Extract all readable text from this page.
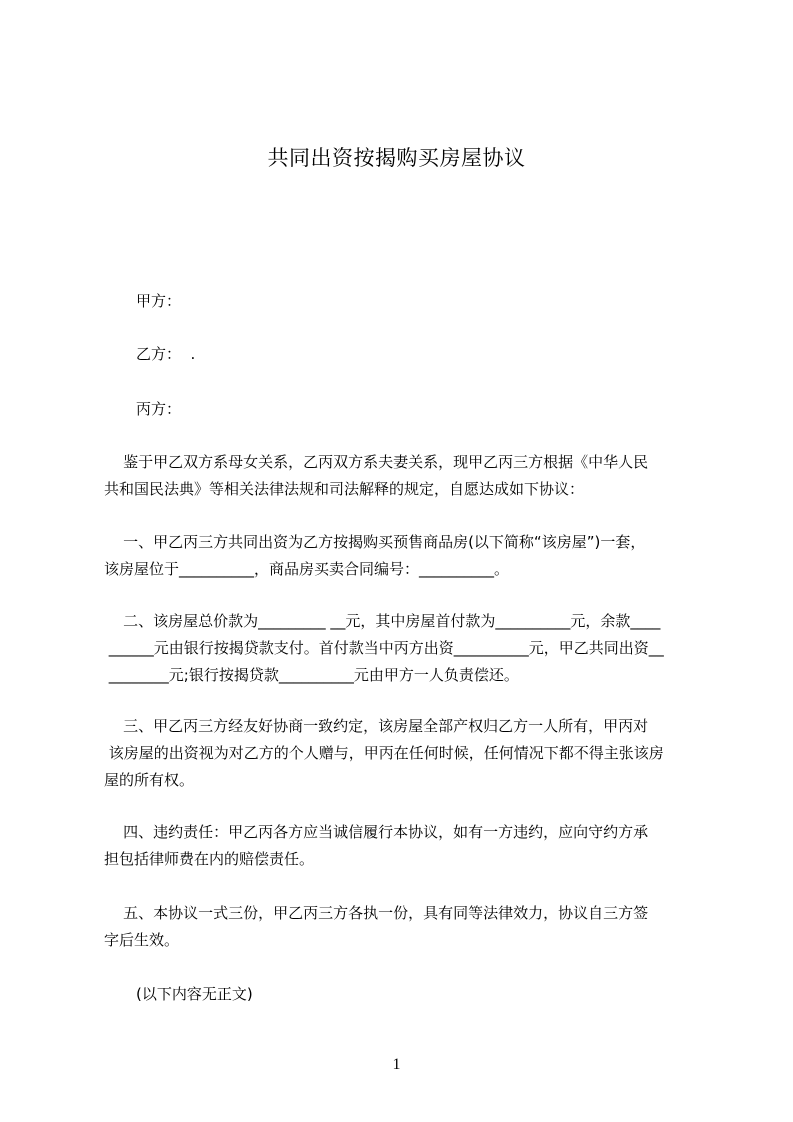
共同出资按揭购买房屋协议

甲方：

乙方：  .

丙方：

鉴于甲乙双方系母女关系，乙丙双方系夫妻关系，现甲乙丙三方根据《中华人民
共和国民法典》等相关法律法规和司法解释的规定，自愿达成如下协议：
一、甲乙丙三方共同出资为乙方按揭购买预售商品房(以下简称“该房屋”)一套，
该房屋位于__________，商品房买卖合同编号：__________。
二、该房屋总价款为_________ __元，其中房屋首付款为__________元，余款____
______元由银行按揭贷款支付。首付款当中丙方出资__________元，甲乙共同出资__
________元;银行按揭贷款__________元由甲方一人负责偿还。
三、甲乙丙三方经友好协商一致约定，该房屋全部产权归乙方一人所有，甲丙对
该房屋的出资视为对乙方的个人赠与，甲丙在任何时候，任何情况下都不得主张该房
屋的所有权。
四、违约责任：甲乙丙各方应当诚信履行本协议，如有一方违约，应向守约方承
担包括律师费在内的赔偿责任。
五、本协议一式三份，甲乙丙三方各执一份，具有同等法律效力，协议自三方签
字后生效。

(以下内容无正文)

1
